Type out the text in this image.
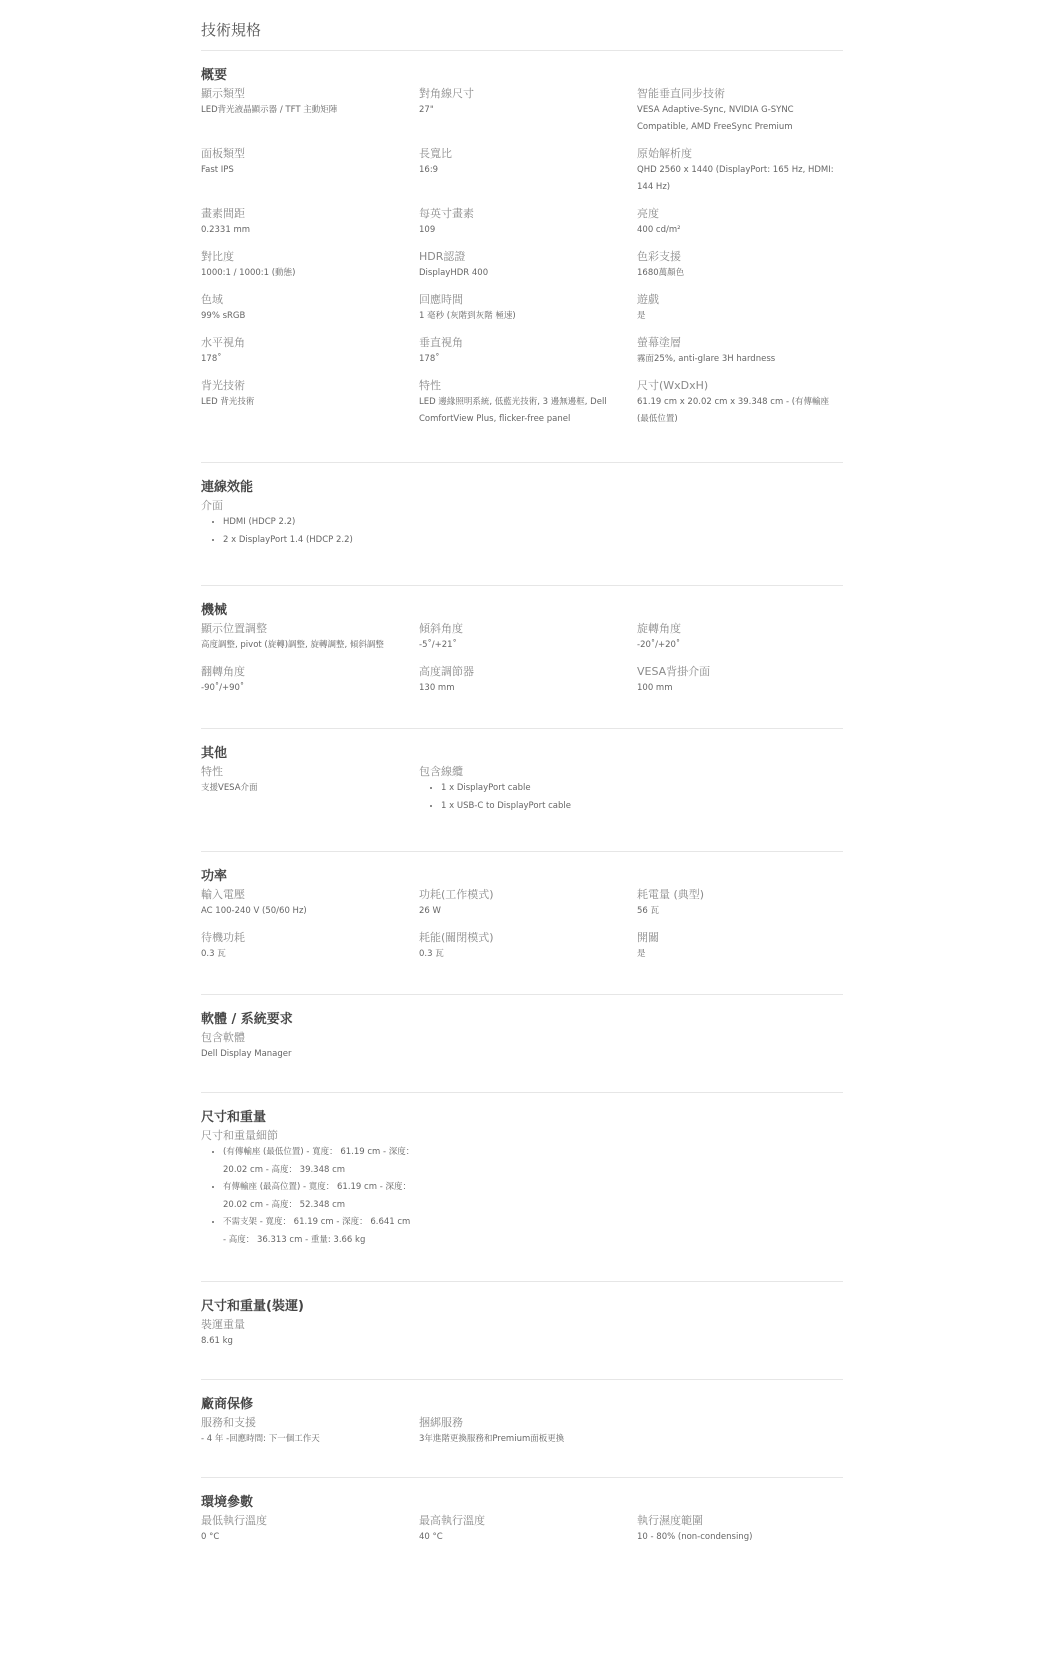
技術規格
概要
顯示類型
LED背光液晶顯示器 / TFT 主動矩陣
對角線尺寸
27"
智能垂直同步技術
VESA Adaptive-Sync, NVIDIA G-SYNC Compatible, AMD FreeSync Premium
面板類型
Fast IPS
長寬比
16:9
原始解析度
QHD 2560 x 1440 (DisplayPort: 165 Hz, HDMI: 144 Hz)
畫素間距
0.2331 mm
每英寸畫素
109
亮度
400 cd/m²
對比度
1000:1 / 1000:1 (動態)
HDR認證
DisplayHDR 400
色彩支援
1680萬顏色
色域
99% sRGB
回應時間
1 毫秒 (灰階到灰階 極速)
遊戲
是
水平視角
178˚
垂直視角
178˚
螢幕塗層
霧面25%, anti-glare 3H hardness
背光技術
LED 背光技術
特性
LED 邊緣照明系統, 低藍光技術, 3 邊無邊框, Dell ComfortView Plus, flicker-free panel
尺寸(WxDxH)
61.19 cm x 20.02 cm x 39.348 cm - (有傳輸座 (最低位置)
連線效能
介面
• HDMI (HDCP 2.2)
• 2 x DisplayPort 1.4 (HDCP 2.2)
機械
顯示位置調整
高度調整, pivot (旋轉)調整, 旋轉調整, 傾斜調整
傾斜角度
-5˚/+21˚
旋轉角度
-20˚/+20˚
翻轉角度
-90˚/+90˚
高度調節器
130 mm
VESA背掛介面
100 mm
其他
特性
支援VESA介面
包含線纜
• 1 x DisplayPort cable
• 1 x USB-C to DisplayPort cable
功率
輸入電壓
AC 100-240 V (50/60 Hz)
功耗(工作模式)
26 W
耗電量 (典型)
56 瓦
待機功耗
0.3 瓦
耗能(關閉模式)
0.3 瓦
開關
是
軟體 / 系統要求
包含軟體
Dell Display Manager
尺寸和重量
尺寸和重量細節
• (有傳輸座 (最低位置) - 寬度： 61.19 cm - 深度： 20.02 cm - 高度： 39.348 cm
• 有傳輸座 (最高位置) - 寬度： 61.19 cm - 深度： 20.02 cm - 高度： 52.348 cm
• 不需支架 - 寬度： 61.19 cm - 深度： 6.641 cm - 高度： 36.313 cm - 重量: 3.66 kg
尺寸和重量(裝運)
裝運重量
8.61 kg
廠商保修
服務和支援
- 4 年 -回應時間: 下一個工作天
捆綁服務
3年進階更換服務和Premium面板更換
環境參數
最低執行溫度
0 °C
最高執行溫度
40 °C
執行濕度範圍
10 - 80% (non-condensing)
